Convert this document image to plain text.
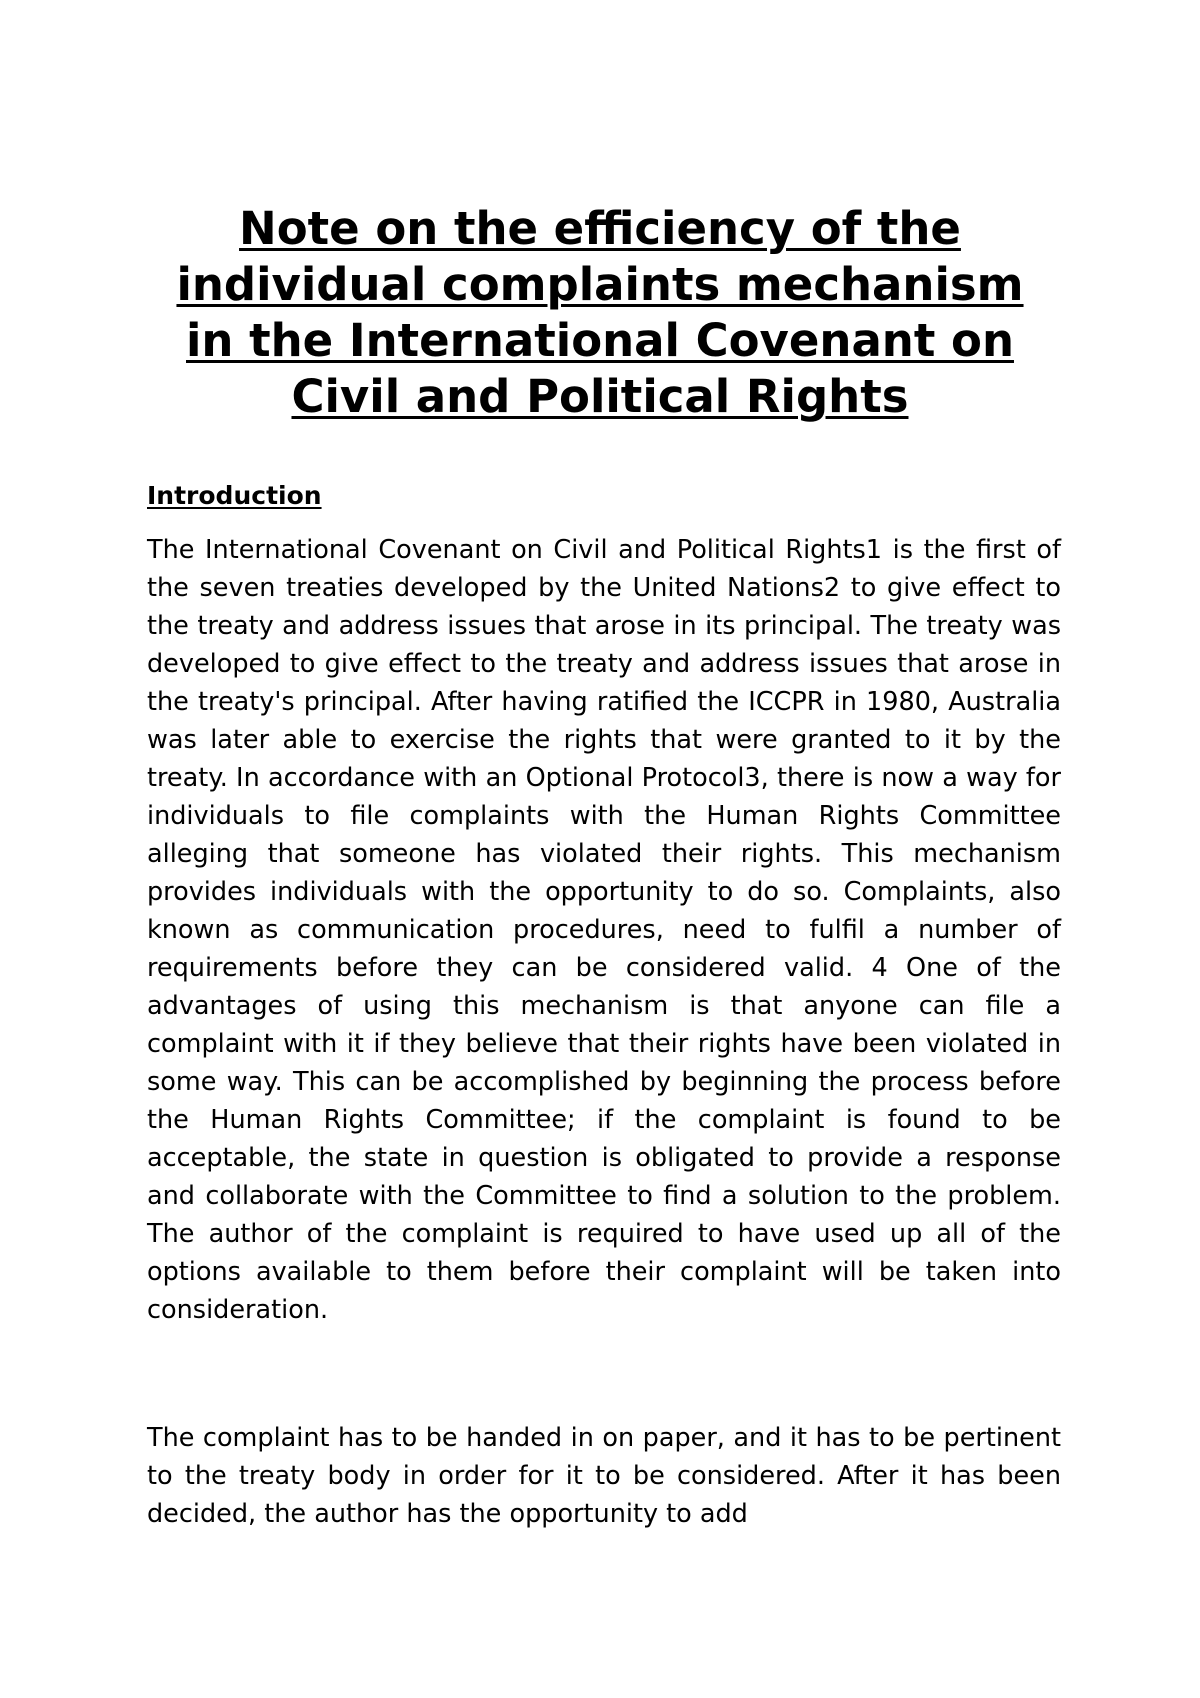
Note on the efficiency of the individual complaints mechanism in the International Covenant on Civil and Political Rights
Introduction

The International Covenant on Civil and Political Rights1 is the first of the seven treaties developed by the United Nations2 to give effect to the treaty and address issues that arose in its principal. The treaty was developed to give effect to the treaty and address issues that arose in the treaty's principal. After having ratified the ICCPR in 1980, Australia was later able to exercise the rights that were granted to it by the treaty. In accordance with an Optional Protocol3, there is now a way for individuals to file complaints with the Human Rights Committee alleging that someone has violated their rights. This mechanism provides individuals with the opportunity to do so. Complaints, also known as communication procedures, need to fulfil a number of requirements before they can be considered valid. 4 One of the advantages of using this mechanism is that anyone can file a complaint with it if they believe that their rights have been violated in some way. This can be accomplished by beginning the process before the Human Rights Committee; if the complaint is found to be acceptable, the state in question is obligated to provide a response and collaborate with the Committee to find a solution to the problem. The author of the complaint is required to have used up all of the options available to them before their complaint will be taken into consideration.

The complaint has to be handed in on paper, and it has to be pertinent to the treaty body in order for it to be considered. After it has been decided, the author has the opportunity to add
